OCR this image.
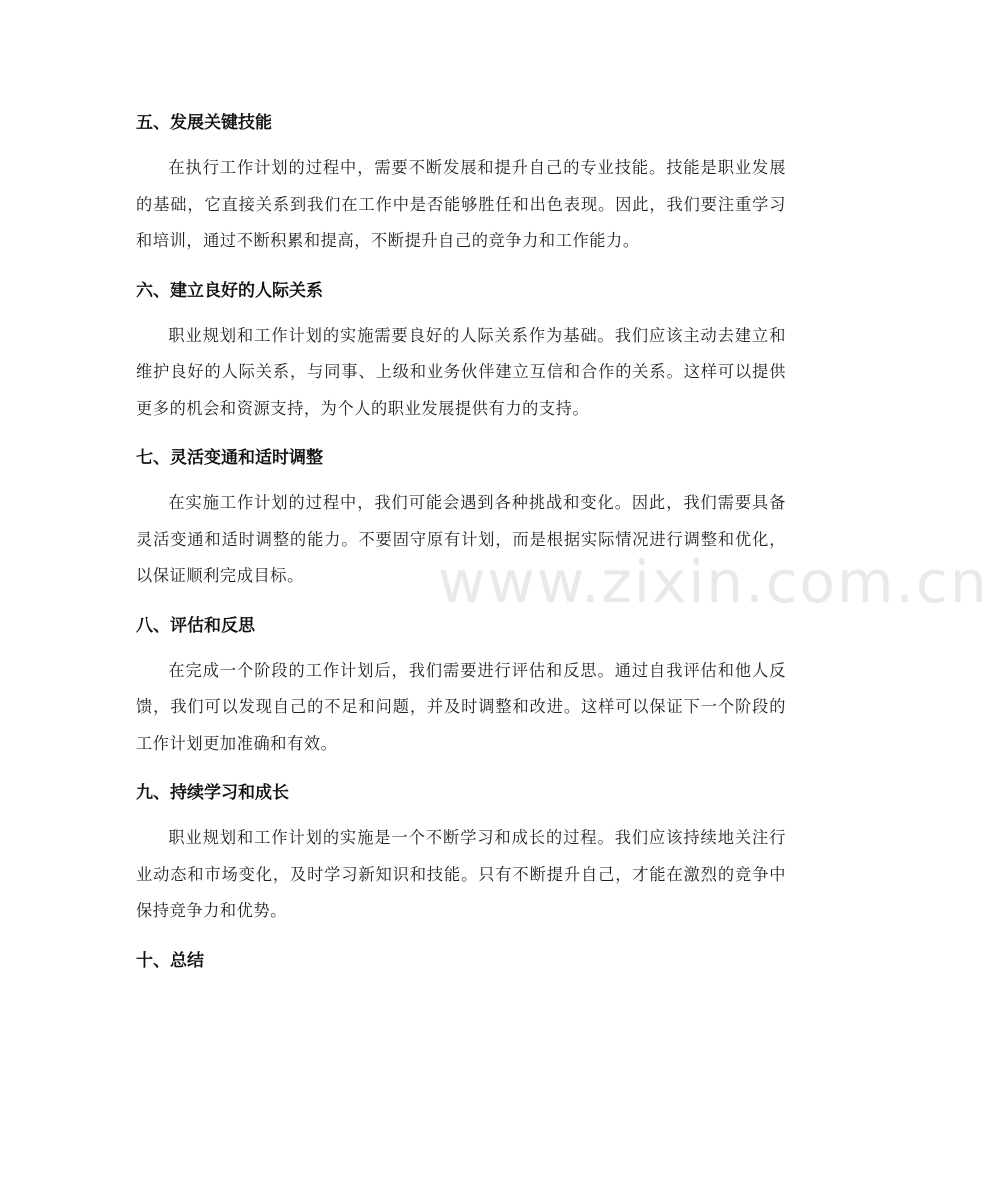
五、发展关键技能

在执行工作计划的过程中，需要不断发展和提升自己的专业技能。技能是职业发展的基础，它直接关系到我们在工作中是否能够胜任和出色表现。因此，我们要注重学习和培训，通过不断积累和提高，不断提升自己的竞争力和工作能力。

六、建立良好的人际关系

职业规划和工作计划的实施需要良好的人际关系作为基础。我们应该主动去建立和维护良好的人际关系，与同事、上级和业务伙伴建立互信和合作的关系。这样可以提供更多的机会和资源支持，为个人的职业发展提供有力的支持。

七、灵活变通和适时调整

在实施工作计划的过程中，我们可能会遇到各种挑战和变化。因此，我们需要具备灵活变通和适时调整的能力。不要固守原有计划，而是根据实际情况进行调整和优化，以保证顺利完成目标。

八、评估和反思

在完成一个阶段的工作计划后，我们需要进行评估和反思。通过自我评估和他人反馈，我们可以发现自己的不足和问题，并及时调整和改进。这样可以保证下一个阶段的工作计划更加准确和有效。

九、持续学习和成长

职业规划和工作计划的实施是一个不断学习和成长的过程。我们应该持续地关注行业动态和市场变化，及时学习新知识和技能。只有不断提升自己，才能在激烈的竞争中保持竞争力和优势。

十、总结
www.zixin.com.cn
